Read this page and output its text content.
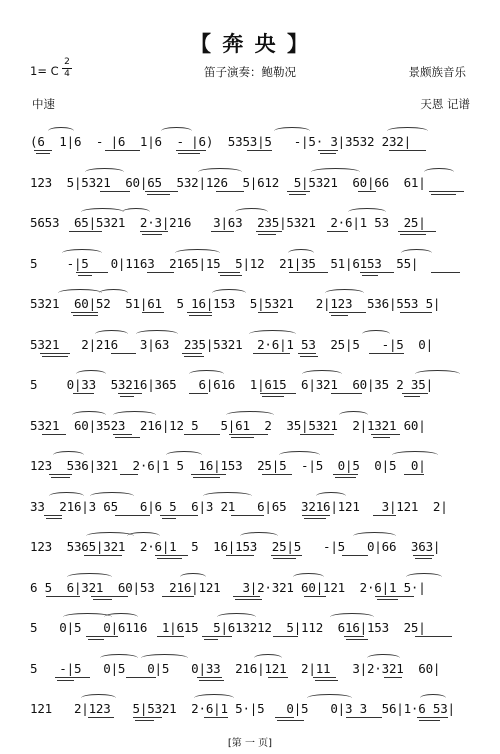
【 奔 央 】
1= C
2
4	笛子演奏：鲍勒况	景颇族音乐
中速	天恩 记谱
(6  1|6  - |6  1|6  - |6)  5353|5   -|5· 3|3532 232|
123  5|5321  60|65  532|126  5|612  5|5321  60|66  61|
5653  65|5321  2·3|216   3|63  235|5321  2·6|1 53  25|
5    -|5   0|1163  2165|15  5|12  21|35  51|6153  55|
5321  60|52  51|61  5 16|153  5|5321   2|123  536|553 5|
5321   2|216   3|63  235|5321  2·6|1 53  25|5   -|5  0|
5    0|33  53216|365   6|616  1|615  6|321  60|35 2 35|
5321  60|3523  216|12 5   5|61  2  35|5321  2|1321 60|
123  536|321  2·6|1 5  16|153  25|5  -|5  0|5  0|5  0|
33  216|3 65   6|6 5  6|3 21   6|65  3216|121   3|121  2|
123  5365|321  2·6|1  5  16|153  25|5   -|5   0|66  363|
6 5  6|321  60|53  216|121   3|2·321 60|121  2·6|1 5·|
5   0|5   0|6116  1|615  5|613212  5|112  616|153  25|
5   -|5   0|5   0|5   0|33  216|121  2|11   3|2·321  60|
121   2|123   5|5321  2·6|1 5·|5   0|5   0|3 3  56|1·6 53|
[第 一 页]
